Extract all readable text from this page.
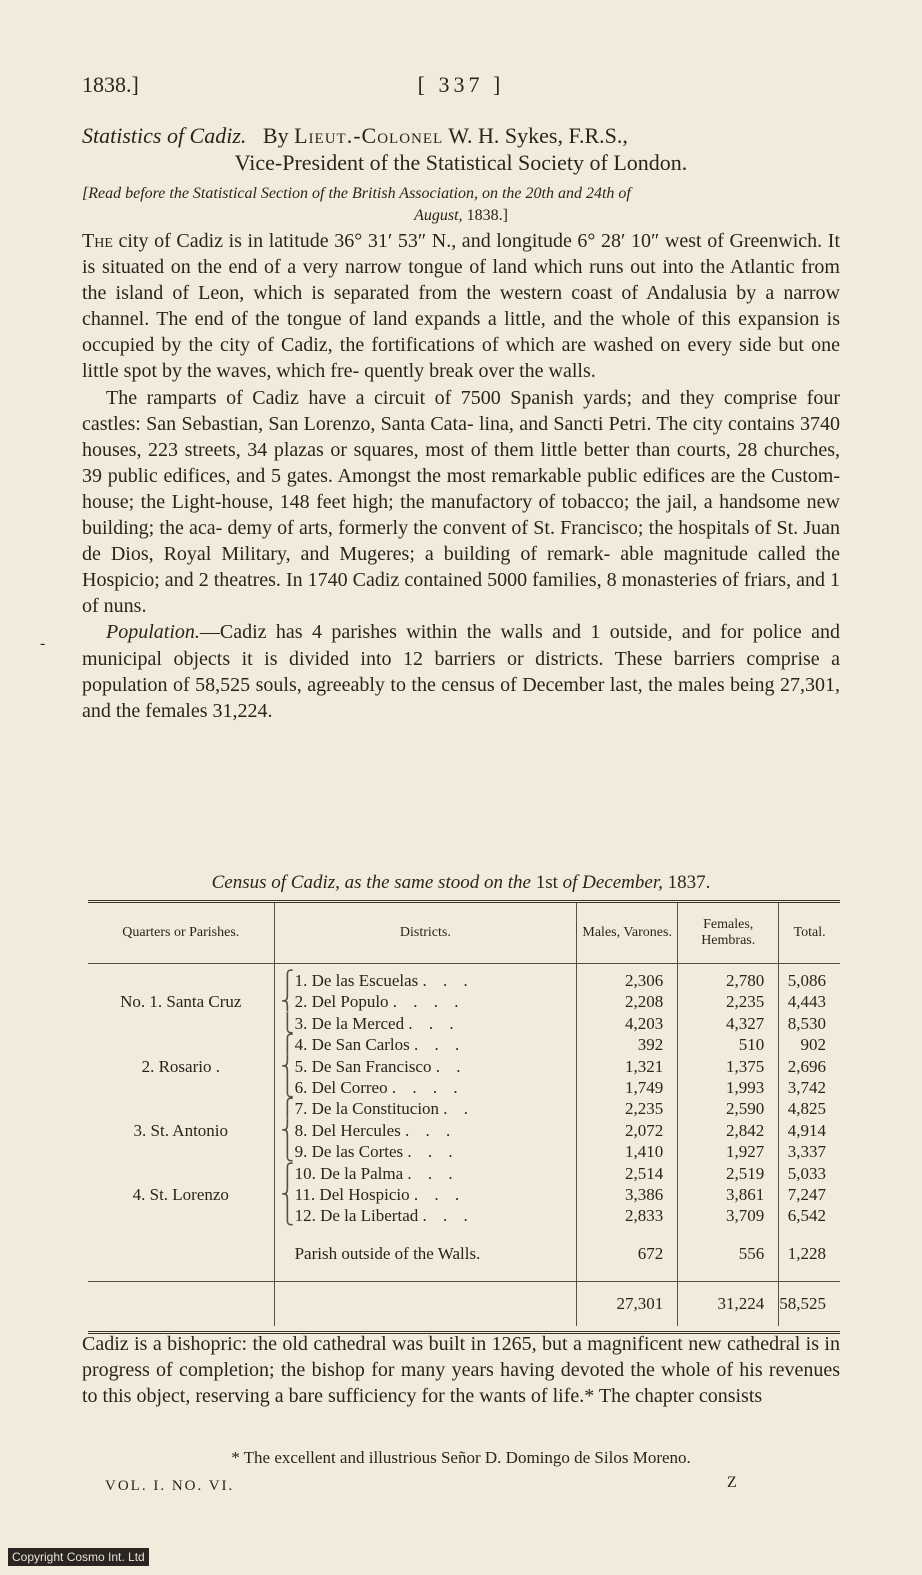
1838.]	[ 337 ]
Statistics of Cadiz. By Lieut.-Colonel W. H. Sykes, F.R.S.,
Vice-President of the Statistical Society of London.
[Read before the Statistical Section of the British Association, on the 20th and 24th of
August, 1838.]

The city of Cadiz is in latitude 36° 31′ 53″ N., and longitude 6° 28′ 10″ west of Greenwich. It is situated on the end of a very narrow tongue of land which runs out into the Atlantic from the island of Leon, which is separated from the western coast of Andalusia by a narrow channel. The end of the tongue of land expands a little, and the whole of this expansion is occupied by the city of Cadiz, the fortifications of which are washed on every side but one little spot by the waves, which fre- quently break over the walls.

The ramparts of Cadiz have a circuit of 7500 Spanish yards; and they comprise four castles: San Sebastian, San Lorenzo, Santa Cata- lina, and Sancti Petri. The city contains 3740 houses, 223 streets, 34 plazas or squares, most of them little better than courts, 28 churches, 39 public edifices, and 5 gates. Amongst the most remarkable public edifices are the Custom-house; the Light-house, 148 feet high; the manufactory of tobacco; the jail, a handsome new building; the aca- demy of arts, formerly the convent of St. Francisco; the hospitals of St. Juan de Dios, Royal Military, and Mugeres; a building of remark- able magnitude called the Hospicio; and 2 theatres. In 1740 Cadiz contained 5000 families, 8 monasteries of friars, and 1 of nuns.

Population.—Cadiz has 4 parishes within the walls and 1 outside, and for police and municipal objects it is divided into 12 barriers or districts. These barriers comprise a population of 58,525 souls, agreeably to the census of December last, the males being 27,301, and the females 31,224.

-
Census of Cadiz, as the same stood on the 1st of December, 1837.
Quarters or Parishes.	Districts.	Males, Varones.	Females, Hembras.	Total.
	⎧1. De las Escuelas . . .	2,306	2,780	5,086
No. 1. Santa Cruz	⎨2. Del Populo . . . .	2,208	2,235	4,443
	⎩3. De la Merced . . .	4,203	4,327	8,530
	⎧4. De San Carlos . . .	392	510	902
2. Rosario .	⎨5. De San Francisco . .	1,321	1,375	2,696
	⎩6. Del Correo . . . .	1,749	1,993	3,742
	⎧7. De la Constitucion . .	2,235	2,590	4,825
3. St. Antonio	⎨8. Del Hercules . . .	2,072	2,842	4,914
	⎩9. De las Cortes . . .	1,410	1,927	3,337
	⎧10. De la Palma . . .	2,514	2,519	5,033
4. St. Lorenzo	⎨11. Del Hospicio . . .	3,386	3,861	7,247
	⎩12. De la Libertad . . .	2,833	3,709	6,542
	Parish outside of the Walls.	672	556	1,228
		27,301	31,224	58,525

Cadiz is a bishopric: the old cathedral was built in 1265, but a magnificent new cathedral is in progress of completion; the bishop for many years having devoted the whole of his revenues to this object, reserving a bare sufficiency for the wants of life.* The chapter consists

* The excellent and illustrious Señor D. Domingo de Silos Moreno.
VOL. I. NO. VI.	Z
Copyright Cosmo Int. Ltd
